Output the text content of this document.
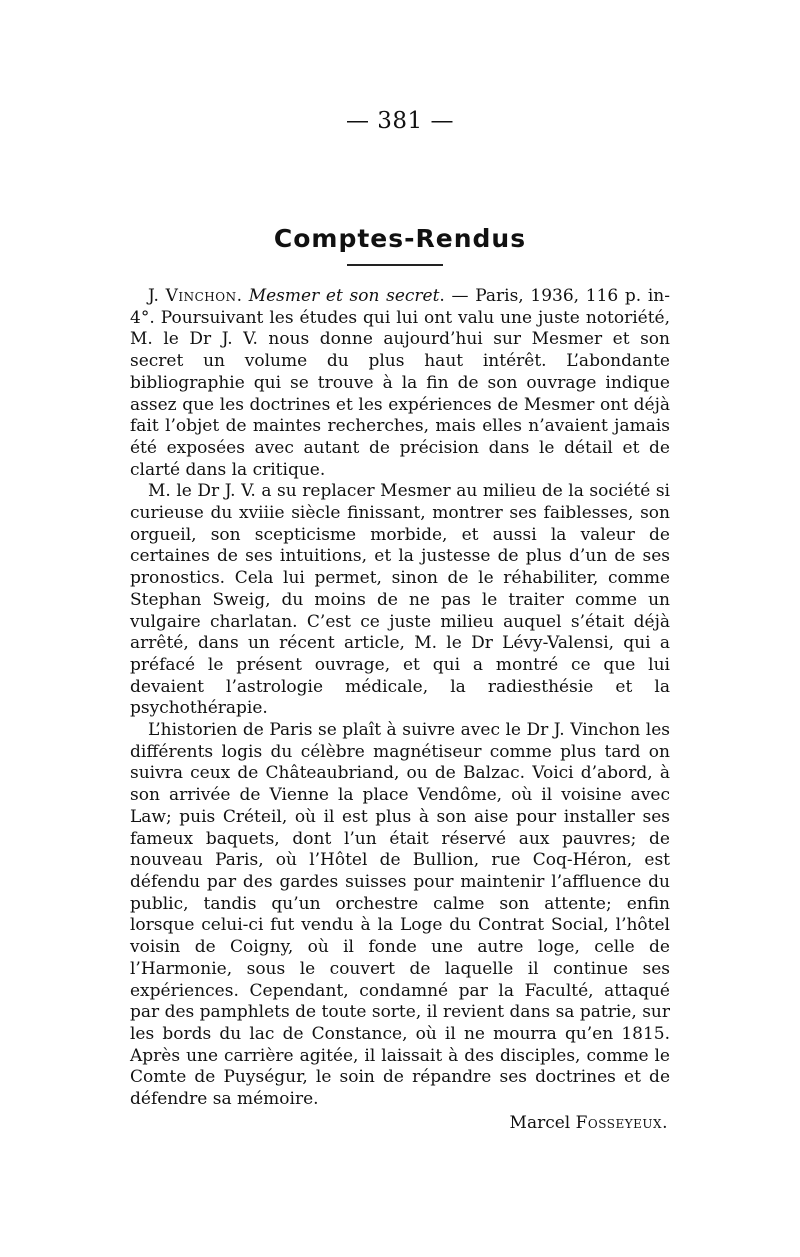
— 381 —
Comptes-Rendus

J. Vinchon. Mesmer et son secret. — Paris, 1936, 116 p. in-4°. Poursuivant les études qui lui ont valu une juste notoriété, M. le Dr J. V. nous donne aujourd’hui sur Mesmer et son secret un volume du plus haut intérêt. L’abondante bibliographie qui se trouve à la fin de son ouvrage indique assez que les doctrines et les expériences de Mesmer ont déjà fait l’objet de maintes recherches, mais elles n’avaient jamais été exposées avec autant de précision dans le détail et de clarté dans la critique.

M. le Dr J. V. a su replacer Mesmer au milieu de la société si curieuse du xviiie siècle finissant, montrer ses faiblesses, son orgueil, son scepticisme morbide, et aussi la valeur de certaines de ses intuitions, et la justesse de plus d’un de ses pronostics. Cela lui permet, sinon de le réhabiliter, comme Stephan Sweig, du moins de ne pas le traiter comme un vulgaire charlatan. C’est ce juste milieu auquel s’était déjà arrêté, dans un récent article, M. le Dr Lévy-Valensi, qui a préfacé le présent ouvrage, et qui a montré ce que lui devaient l’astrologie médicale, la radiesthésie et la psychothérapie.

L’historien de Paris se plaît à suivre avec le Dr J. Vinchon les différents logis du célèbre magnétiseur comme plus tard on suivra ceux de Châteaubriand, ou de Balzac. Voici d’abord, à son arrivée de Vienne la place Vendôme, où il voisine avec Law; puis Créteil, où il est plus à son aise pour installer ses fameux baquets, dont l’un était réservé aux pauvres; de nouveau Paris, où l’Hôtel de Bullion, rue Coq-Héron, est défendu par des gardes suisses pour maintenir l’affluence du public, tandis qu’un orchestre calme son attente; enfin lorsque celui-ci fut vendu à la Loge du Contrat Social, l’hôtel voisin de Coigny, où il fonde une autre loge, celle de l’Harmonie, sous le couvert de laquelle il continue ses expériences. Cependant, condamné par la Faculté, attaqué par des pamphlets de toute sorte, il revient dans sa patrie, sur les bords du lac de Constance, où il ne mourra qu’en 1815. Après une carrière agitée, il laissait à des disciples, comme le Comte de Puységur, le soin de répandre ses doctrines et de défendre sa mémoire.

Marcel Fosseyeux.
